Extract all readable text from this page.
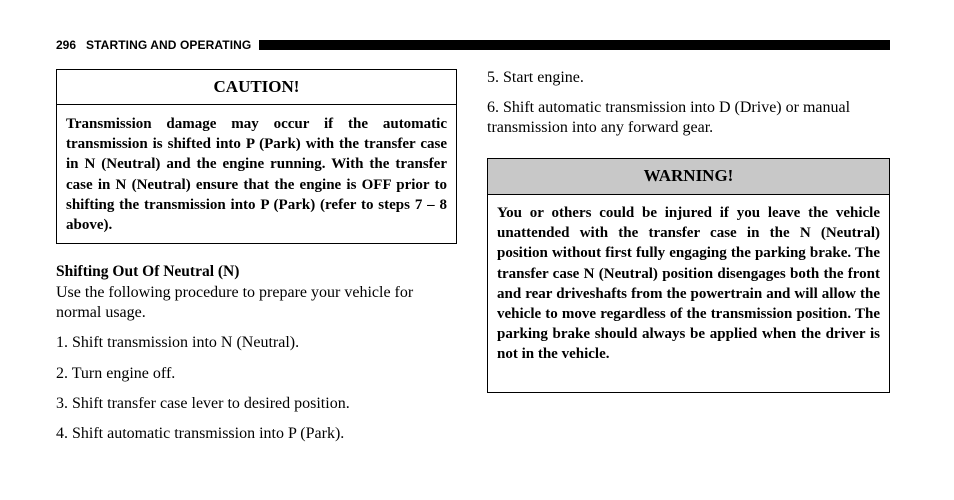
296 STARTING AND OPERATING
CAUTION!
Transmission damage may occur if the automatic transmission is shifted into P (Park) with the transfer case in N (Neutral) and the engine running. With the transfer case in N (Neutral) ensure that the engine is OFF prior to shifting the transmission into P (Park) (refer to steps 7 – 8 above).
Shifting Out Of Neutral (N)
Use the following procedure to prepare your vehicle for normal usage.
1. Shift transmission into N (Neutral).
2. Turn engine off.
3. Shift transfer case lever to desired position.
4. Shift automatic transmission into P (Park).
5. Start engine.
6. Shift automatic transmission into D (Drive) or manual transmission into any forward gear.
WARNING!
You or others could be injured if you leave the vehicle unattended with the transfer case in the N (Neutral) position without first fully engaging the parking brake. The transfer case N (Neutral) position disengages both the front and rear driveshafts from the powertrain and will allow the vehicle to move regardless of the transmission position. The parking brake should always be applied when the driver is not in the vehicle.
